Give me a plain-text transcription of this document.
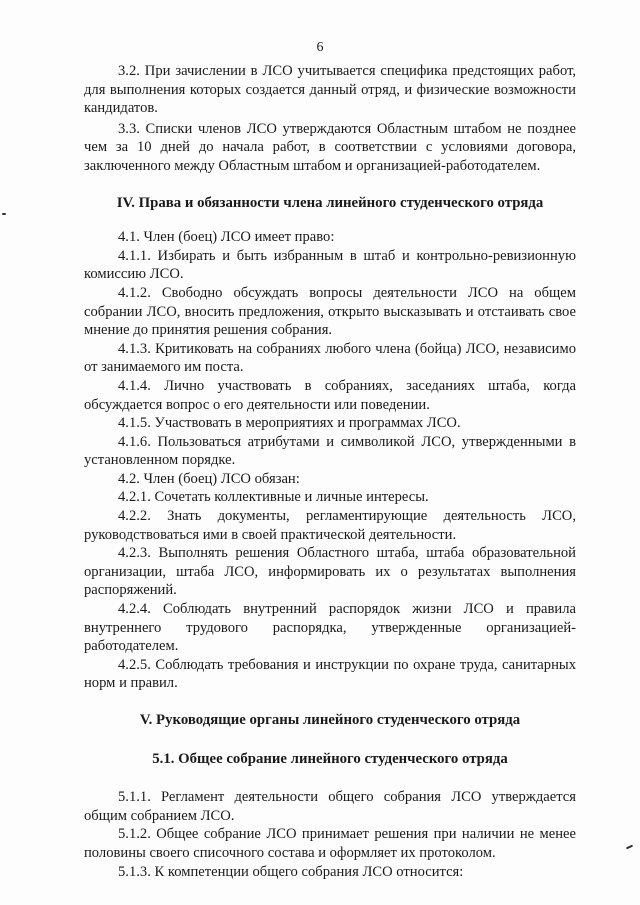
6

3.2. При зачислении в ЛСО учитывается специфика предстоящих работ, для выполнения которых создается данный отряд, и физические возможности кандидатов.

3.3. Списки членов ЛСО утверждаются Областным штабом не позднее чем за 10 дней до начала работ, в соответствии с условиями договора, заключенного между Областным штабом и организацией-работодателем.

IV. Права и обязанности члена линейного студенческого отряда

4.1. Член (боец) ЛСО имеет право:

4.1.1. Избирать и быть избранным в штаб и контрольно-ревизионную комиссию ЛСО.

4.1.2. Свободно обсуждать вопросы деятельности ЛСО на общем собрании ЛСО, вносить предложения, открыто высказывать и отстаивать свое мнение до принятия решения собрания.

4.1.3. Критиковать на собраниях любого члена (бойца) ЛСО, независимо от занимаемого им поста.

4.1.4. Лично участвовать в собраниях, заседаниях штаба, когда обсуждается вопрос о его деятельности или поведении.

4.1.5. Участвовать в мероприятиях и программах ЛСО.

4.1.6. Пользоваться атрибутами и символикой ЛСО, утвержденными в установленном порядке.

4.2. Член (боец) ЛСО обязан:

4.2.1. Сочетать коллективные и личные интересы.

4.2.2. Знать документы, регламентирующие деятельность ЛСО, руководствоваться ими в своей практической деятельности.

4.2.3. Выполнять решения Областного штаба, штаба образовательной организации, штаба ЛСО, информировать их о результатах выполнения распоряжений.

4.2.4. Соблюдать внутренний распорядок жизни ЛСО и правила внутреннего трудового распорядка, утвержденные организацией-работодателем.

4.2.5. Соблюдать требования и инструкции по охране труда, санитарных норм и правил.

V. Руководящие органы линейного студенческого отряда

5.1. Общее собрание линейного студенческого отряда

5.1.1. Регламент деятельности общего собрания ЛСО утверждается общим собранием ЛСО.

5.1.2. Общее собрание ЛСО принимает решения при наличии не менее половины своего списочного состава и оформляет их протоколом.

5.1.3. К компетенции общего собрания ЛСО относится:
